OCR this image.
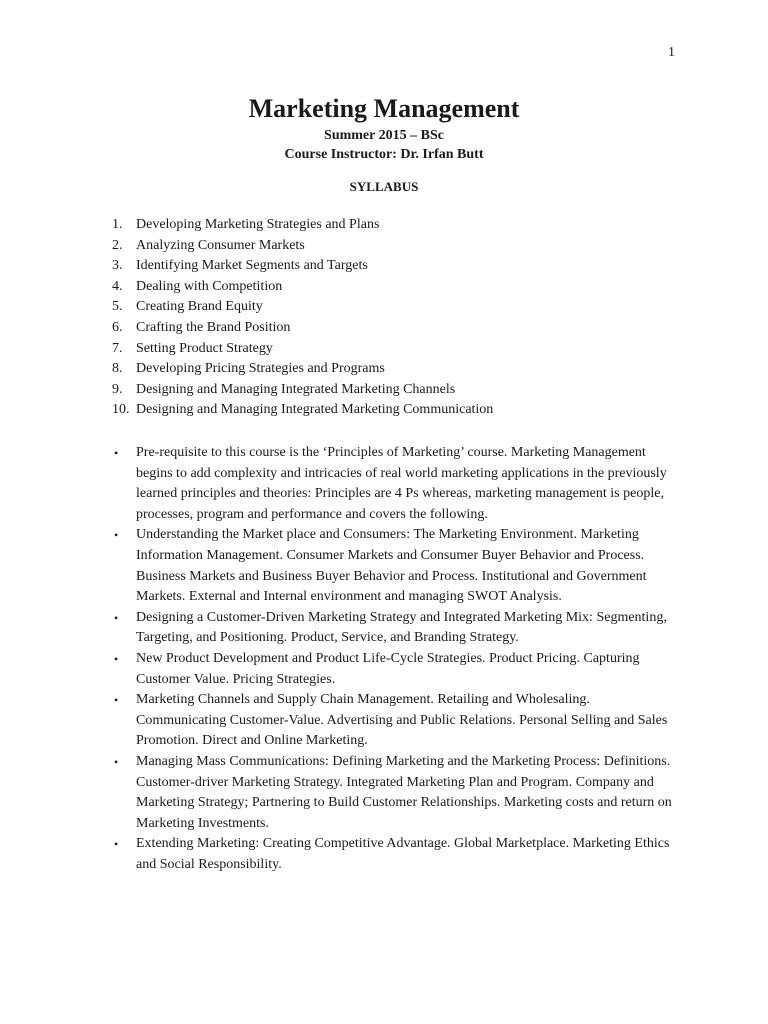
1
Marketing Management
Summer 2015 – BSc
Course Instructor: Dr. Irfan Butt
SYLLABUS
1. Developing Marketing Strategies and Plans
2. Analyzing Consumer Markets
3. Identifying Market Segments and Targets
4. Dealing with Competition
5. Creating Brand Equity
6. Crafting the Brand Position
7. Setting Product Strategy
8. Developing Pricing Strategies and Programs
9. Designing and Managing Integrated Marketing Channels
10. Designing and Managing Integrated Marketing Communication
• Pre-requisite to this course is the ‘Principles of Marketing’ course. Marketing Management begins to add complexity and intricacies of real world marketing applications in the previously learned principles and theories: Principles are 4 Ps whereas, marketing management is people, processes, program and performance and covers the following.
• Understanding the Market place and Consumers: The Marketing Environment. Marketing Information Management. Consumer Markets and Consumer Buyer Behavior and Process. Business Markets and Business Buyer Behavior and Process. Institutional and Government Markets. External and Internal environment and managing SWOT Analysis.
• Designing a Customer-Driven Marketing Strategy and Integrated Marketing Mix: Segmenting, Targeting, and Positioning. Product, Service, and Branding Strategy.
• New Product Development and Product Life-Cycle Strategies. Product Pricing. Capturing Customer Value. Pricing Strategies.
• Marketing Channels and Supply Chain Management. Retailing and Wholesaling. Communicating Customer-Value. Advertising and Public Relations. Personal Selling and Sales Promotion. Direct and Online Marketing.
• Managing Mass Communications: Defining Marketing and the Marketing Process: Definitions. Customer-driver Marketing Strategy. Integrated Marketing Plan and Program. Company and Marketing Strategy; Partnering to Build Customer Relationships. Marketing costs and return on Marketing Investments.
• Extending Marketing: Creating Competitive Advantage. Global Marketplace. Marketing Ethics and Social Responsibility.
